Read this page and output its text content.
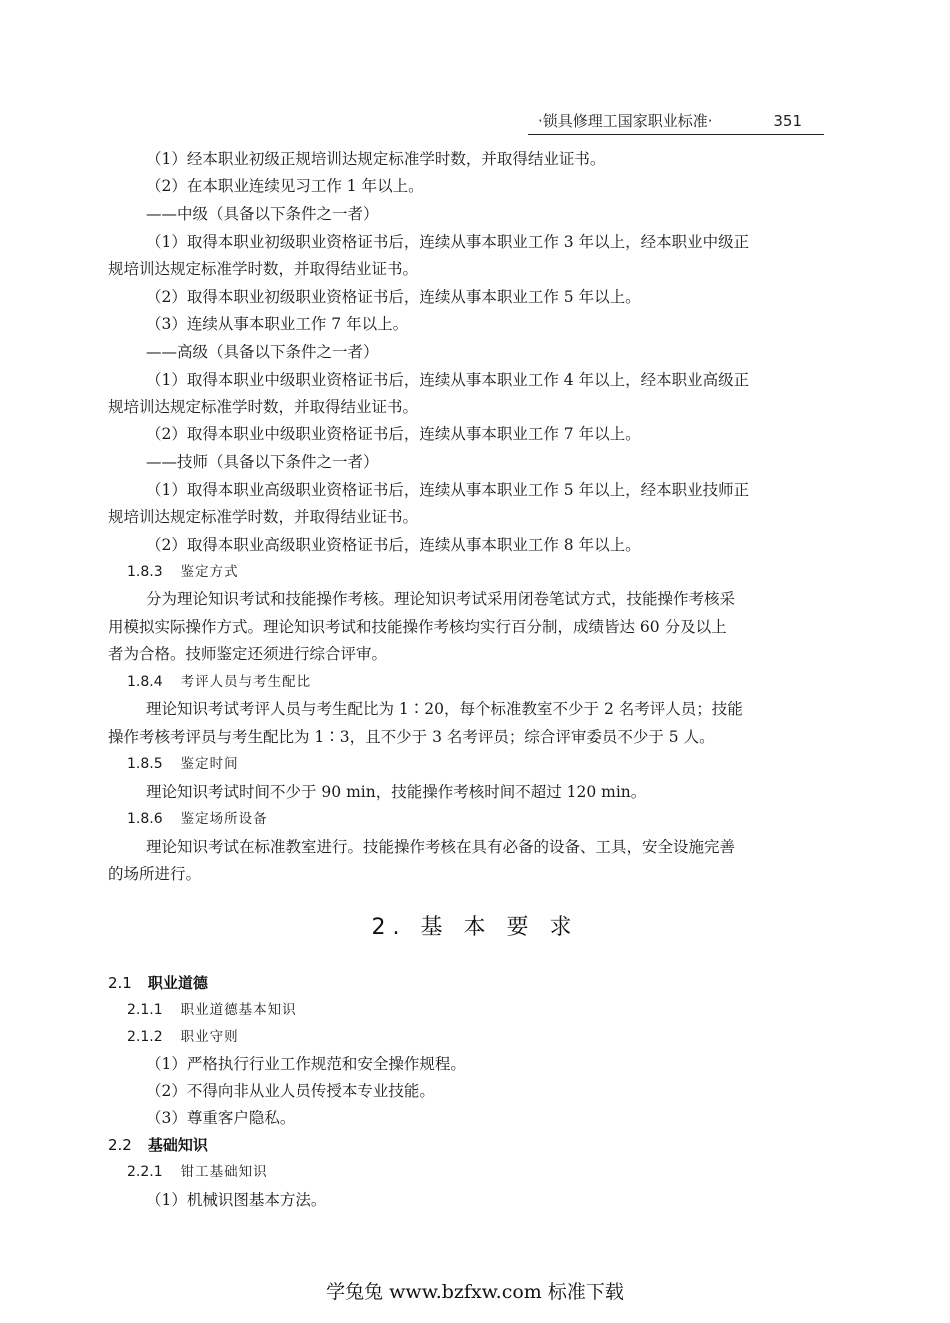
·锁具修理工国家职业标准·	351
（1）经本职业初级正规培训达规定标准学时数，并取得结业证书。
（2）在本职业连续见习工作 1 年以上。
——中级（具备以下条件之一者）
（1）取得本职业初级职业资格证书后，连续从事本职业工作 3 年以上，经本职业中级正
规培训达规定标准学时数，并取得结业证书。
（2）取得本职业初级职业资格证书后，连续从事本职业工作 5 年以上。
（3）连续从事本职业工作 7 年以上。
——高级（具备以下条件之一者）
（1）取得本职业中级职业资格证书后，连续从事本职业工作 4 年以上，经本职业高级正
规培训达规定标准学时数，并取得结业证书。
（2）取得本职业中级职业资格证书后，连续从事本职业工作 7 年以上。
——技师（具备以下条件之一者）
（1）取得本职业高级职业资格证书后，连续从事本职业工作 5 年以上，经本职业技师正
规培训达规定标准学时数，并取得结业证书。
（2）取得本职业高级职业资格证书后，连续从事本职业工作 8 年以上。
1.8.3 鉴定方式
分为理论知识考试和技能操作考核。理论知识考试采用闭卷笔试方式，技能操作考核采
用模拟实际操作方式。理论知识考试和技能操作考核均实行百分制，成绩皆达 60 分及以上
者为合格。技师鉴定还须进行综合评审。
1.8.4 考评人员与考生配比
理论知识考试考评人员与考生配比为 1∶20，每个标准教室不少于 2 名考评人员；技能
操作考核考评员与考生配比为 1∶3，且不少于 3 名考评员；综合评审委员不少于 5 人。
1.8.5 鉴定时间
理论知识考试时间不少于 90 min，技能操作考核时间不超过 120 min。
1.8.6 鉴定场所设备
理论知识考试在标准教室进行。技能操作考核在具有必备的设备、工具，安全设施完善
的场所进行。
2. 基 本 要 求
2.1 职业道德
2.1.1 职业道德基本知识
2.1.2 职业守则
（1）严格执行行业工作规范和安全操作规程。
（2）不得向非从业人员传授本专业技能。
（3）尊重客户隐私。
2.2 基础知识
2.2.1 钳工基础知识
（1）机械识图基本方法。
学兔兔 www.bzfxw.com 标准下载
